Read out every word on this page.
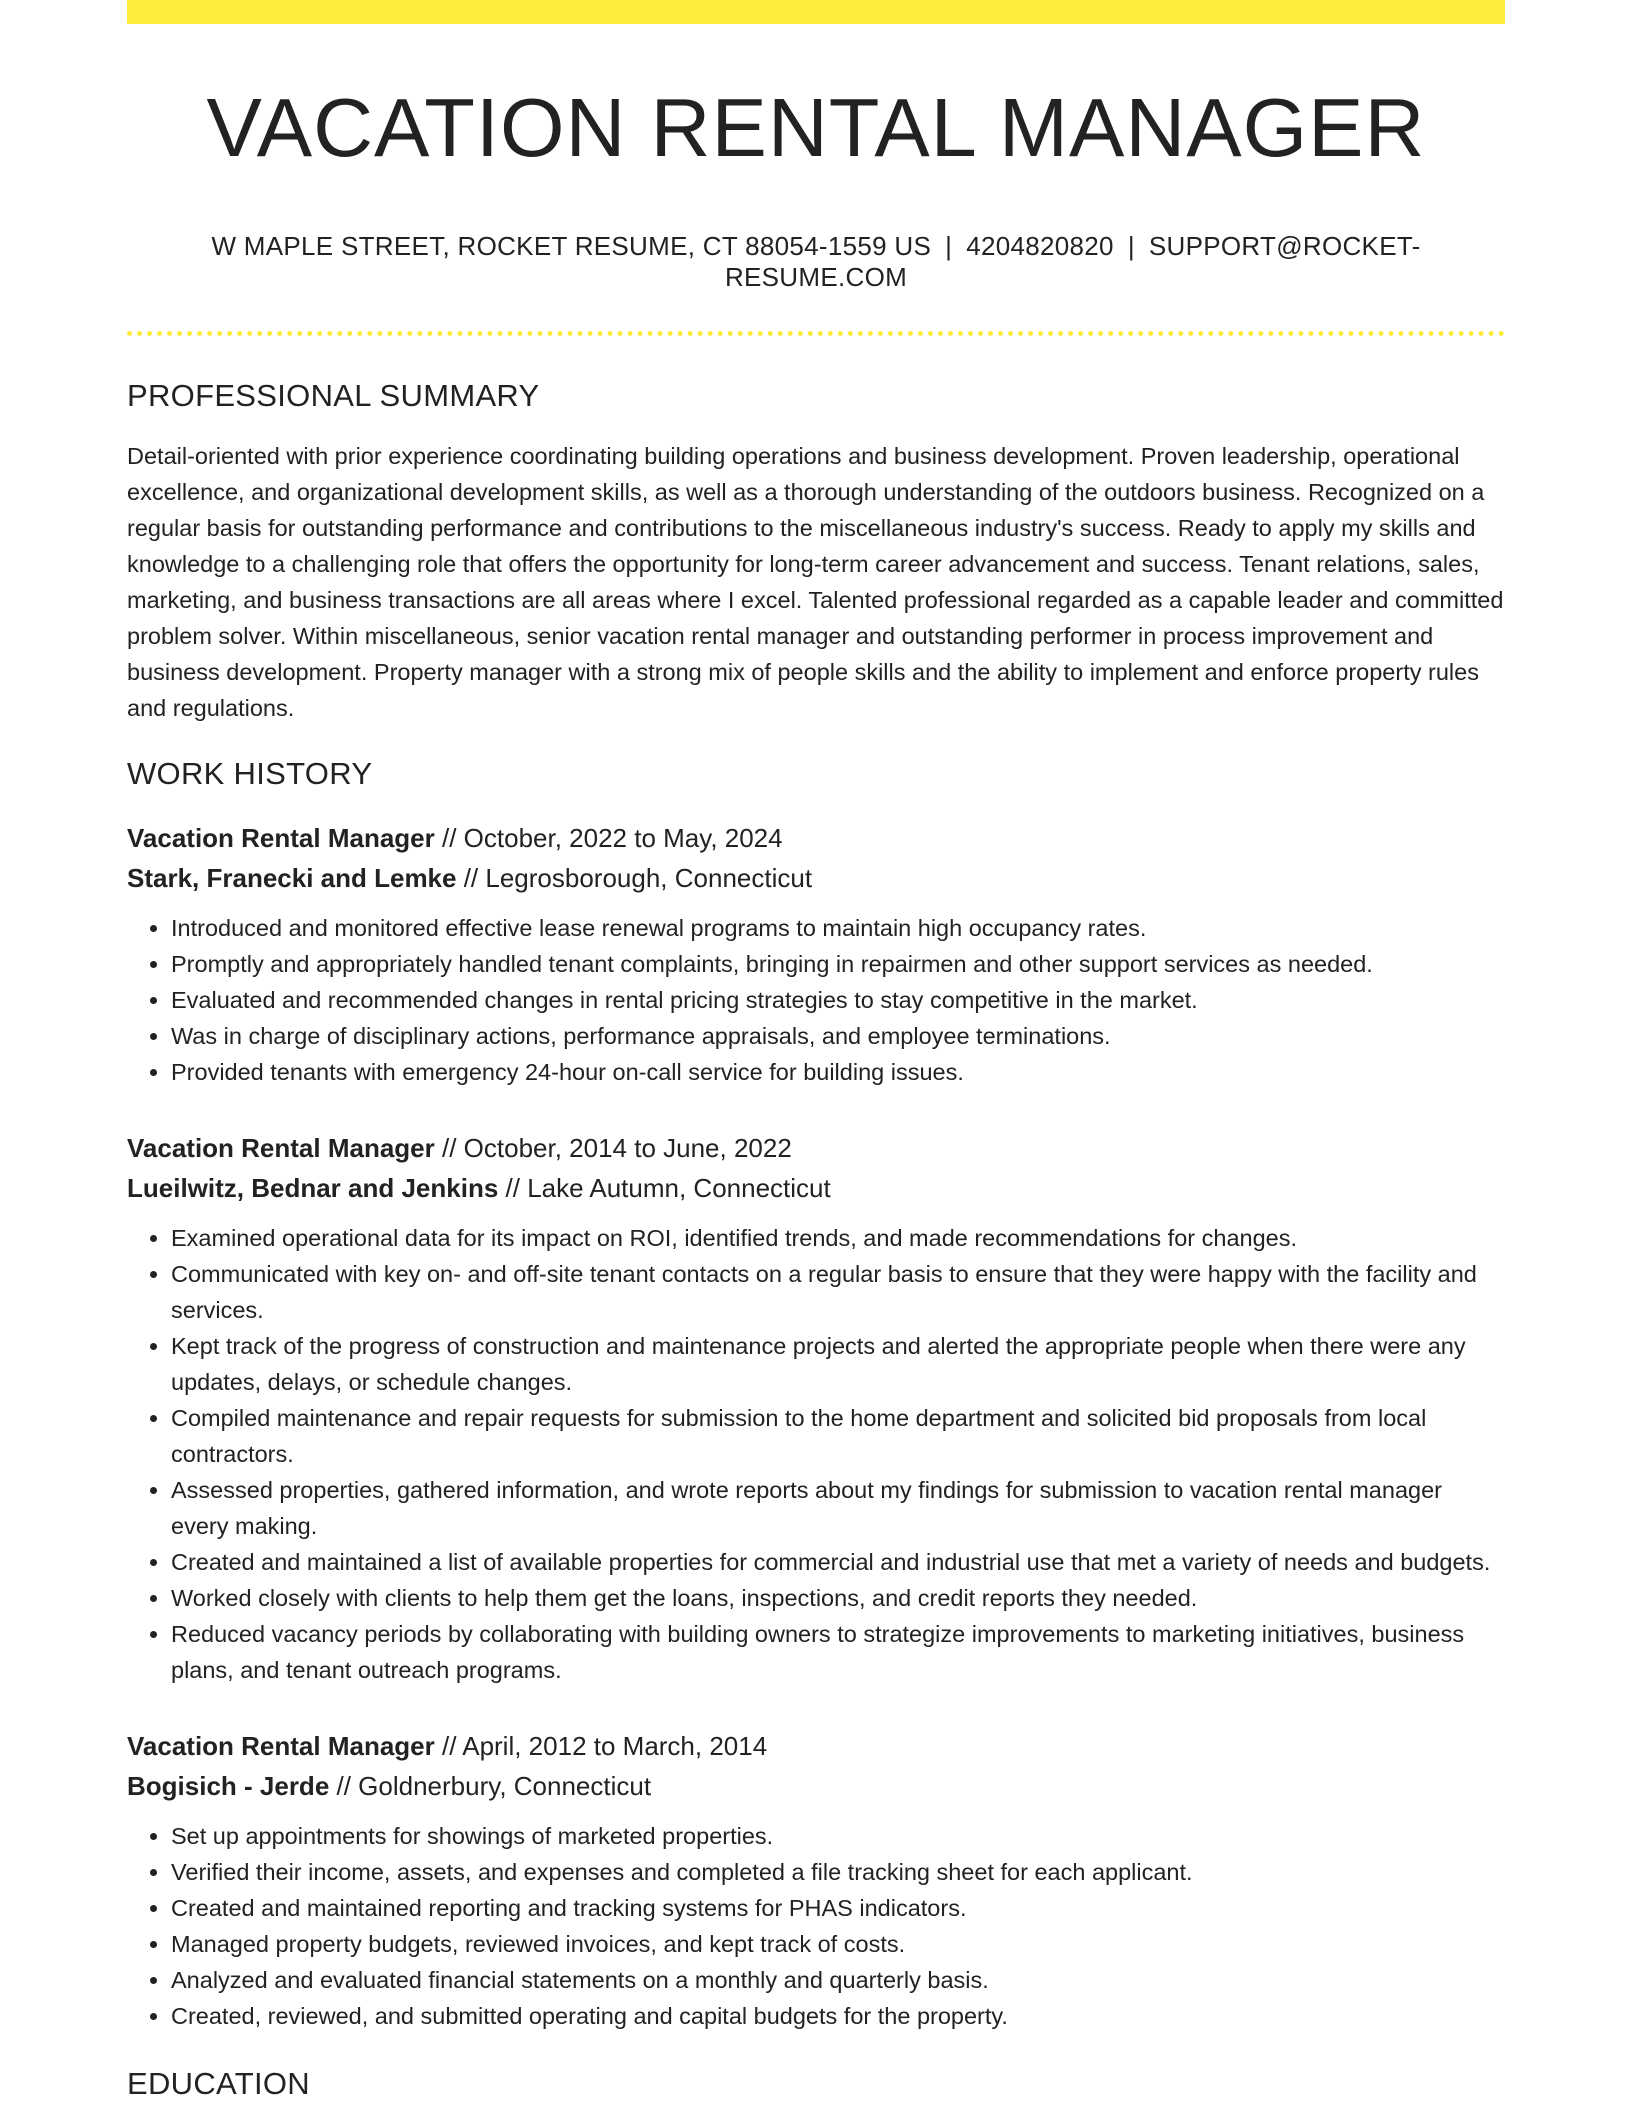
VACATION RENTAL MANAGER
W MAPLE STREET, ROCKET RESUME, CT 88054-1559 US | 4204820820 | SUPPORT@ROCKET-RESUME.COM
PROFESSIONAL SUMMARY

Detail-oriented with prior experience coordinating building operations and business development. Proven leadership, operational excellence, and organizational development skills, as well as a thorough understanding of the outdoors business. Recognized on a regular basis for outstanding performance and contributions to the miscellaneous industry's success. Ready to apply my skills and knowledge to a challenging role that offers the opportunity for long-term career advancement and success. Tenant relations, sales, marketing, and business transactions are all areas where I excel. Talented professional regarded as a capable leader and committed problem solver. Within miscellaneous, senior vacation rental manager and outstanding performer in process improvement and business development. Property manager with a strong mix of people skills and the ability to implement and enforce property rules and regulations.

WORK HISTORY
Vacation Rental Manager // October, 2022 to May, 2024
Stark, Franecki and Lemke // Legrosborough, Connecticut
• Introduced and monitored effective lease renewal programs to maintain high occupancy rates.
• Promptly and appropriately handled tenant complaints, bringing in repairmen and other support services as needed.
• Evaluated and recommended changes in rental pricing strategies to stay competitive in the market.
• Was in charge of disciplinary actions, performance appraisals, and employee terminations.
• Provided tenants with emergency 24-hour on-call service for building issues.
Vacation Rental Manager // October, 2014 to June, 2022
Lueilwitz, Bednar and Jenkins // Lake Autumn, Connecticut
• Examined operational data for its impact on ROI, identified trends, and made recommendations for changes.
• Communicated with key on- and off-site tenant contacts on a regular basis to ensure that they were happy with the facility and services.
• Kept track of the progress of construction and maintenance projects and alerted the appropriate people when there were any updates, delays, or schedule changes.
• Compiled maintenance and repair requests for submission to the home department and solicited bid proposals from local contractors.
• Assessed properties, gathered information, and wrote reports about my findings for submission to vacation rental manager every making.
• Created and maintained a list of available properties for commercial and industrial use that met a variety of needs and budgets.
• Worked closely with clients to help them get the loans, inspections, and credit reports they needed.
• Reduced vacancy periods by collaborating with building owners to strategize improvements to marketing initiatives, business plans, and tenant outreach programs.
Vacation Rental Manager // April, 2012 to March, 2014
Bogisich - Jerde // Goldnerbury, Connecticut
• Set up appointments for showings of marketed properties.
• Verified their income, assets, and expenses and completed a file tracking sheet for each applicant.
• Created and maintained reporting and tracking systems for PHAS indicators.
• Managed property budgets, reviewed invoices, and kept track of costs.
• Analyzed and evaluated financial statements on a monthly and quarterly basis.
• Created, reviewed, and submitted operating and capital budgets for the property.
EDUCATION
